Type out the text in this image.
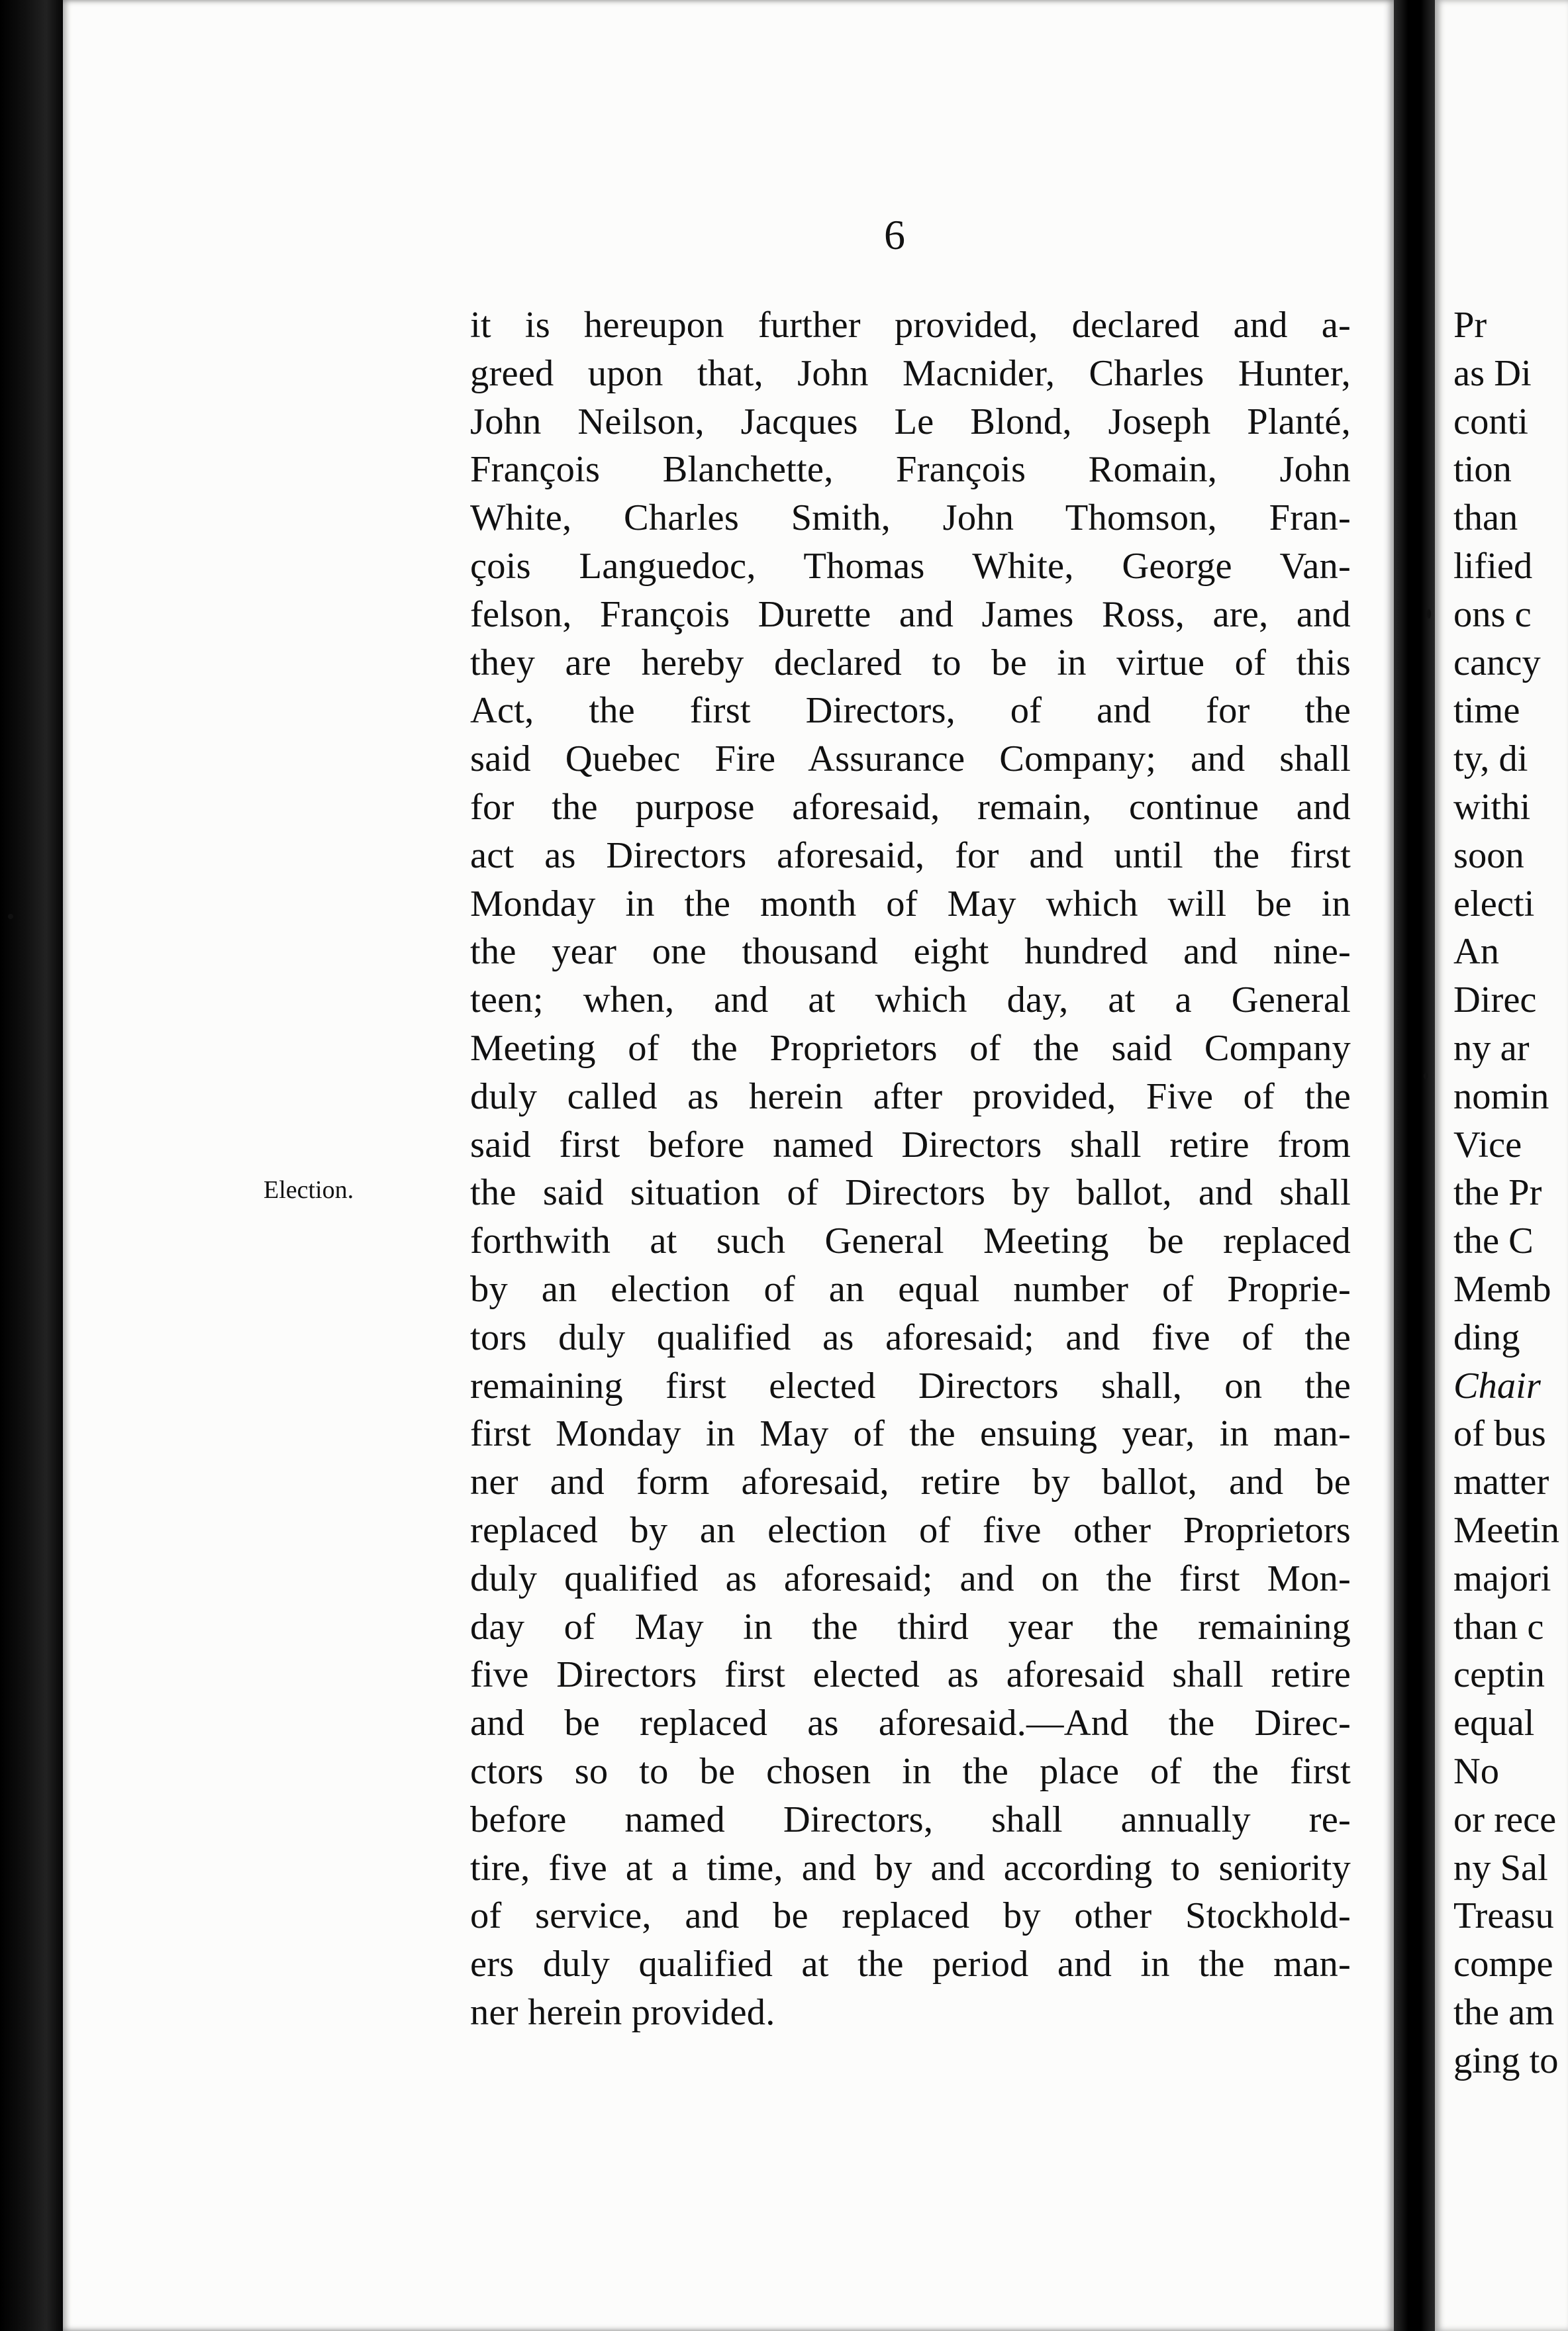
6
Election.
it is hereupon further provided, declared and a-
greed upon that, John Macnider, Charles Hunter,
John Neilson, Jacques Le Blond, Joseph Planté,
François Blanchette, François Romain, John
White, Charles Smith, John Thomson, Fran-
çois Languedoc, Thomas White, George Van-
felson, François Durette and James Ross, are, and
they are hereby declared to be in virtue of this
Act, the first Directors, of and for the
said Quebec Fire Assurance Company; and shall
for the purpose aforesaid, remain, continue and
act as Directors aforesaid, for and until the first
Monday in the month of May which will be in
the year one thousand eight hundred and nine-
teen; when, and at which day, at a General
Meeting of the Proprietors of the said Company
duly called as herein after provided, Five of the
said first before named Directors shall retire from
the said situation of Directors by ballot, and shall
forthwith at such General Meeting be replaced
by an election of an equal number of Proprie-
tors duly qualified as aforesaid; and five of the
remaining first elected Directors shall, on the
first Monday in May of the ensuing year, in man-
ner and form aforesaid, retire by ballot, and be
replaced by an election of five other Proprietors
duly qualified as aforesaid; and on the first Mon-
day of May in the third year the remaining
five Directors first elected as aforesaid shall retire
and be replaced as aforesaid.—And the Direc-
ctors so to be chosen in the place of the first
before named Directors, shall annually re-
tire, five at a time, and by and according to seniority
of service, and be replaced by other Stockhold-
ers duly qualified at the period and in the man-
ner herein provided.
Pr
as Di
conti
tion
than
lified
ons c
cancy
time
ty, di
withi
soon
electi
An
Direc
ny ar
nomin
Vice
the Pr
the C
Memb
ding
Chair
of bus
matter
Meetin
majori
than c
ceptin
equal
No
or rece
ny Sal
Treasu
compe
the am
ging to
